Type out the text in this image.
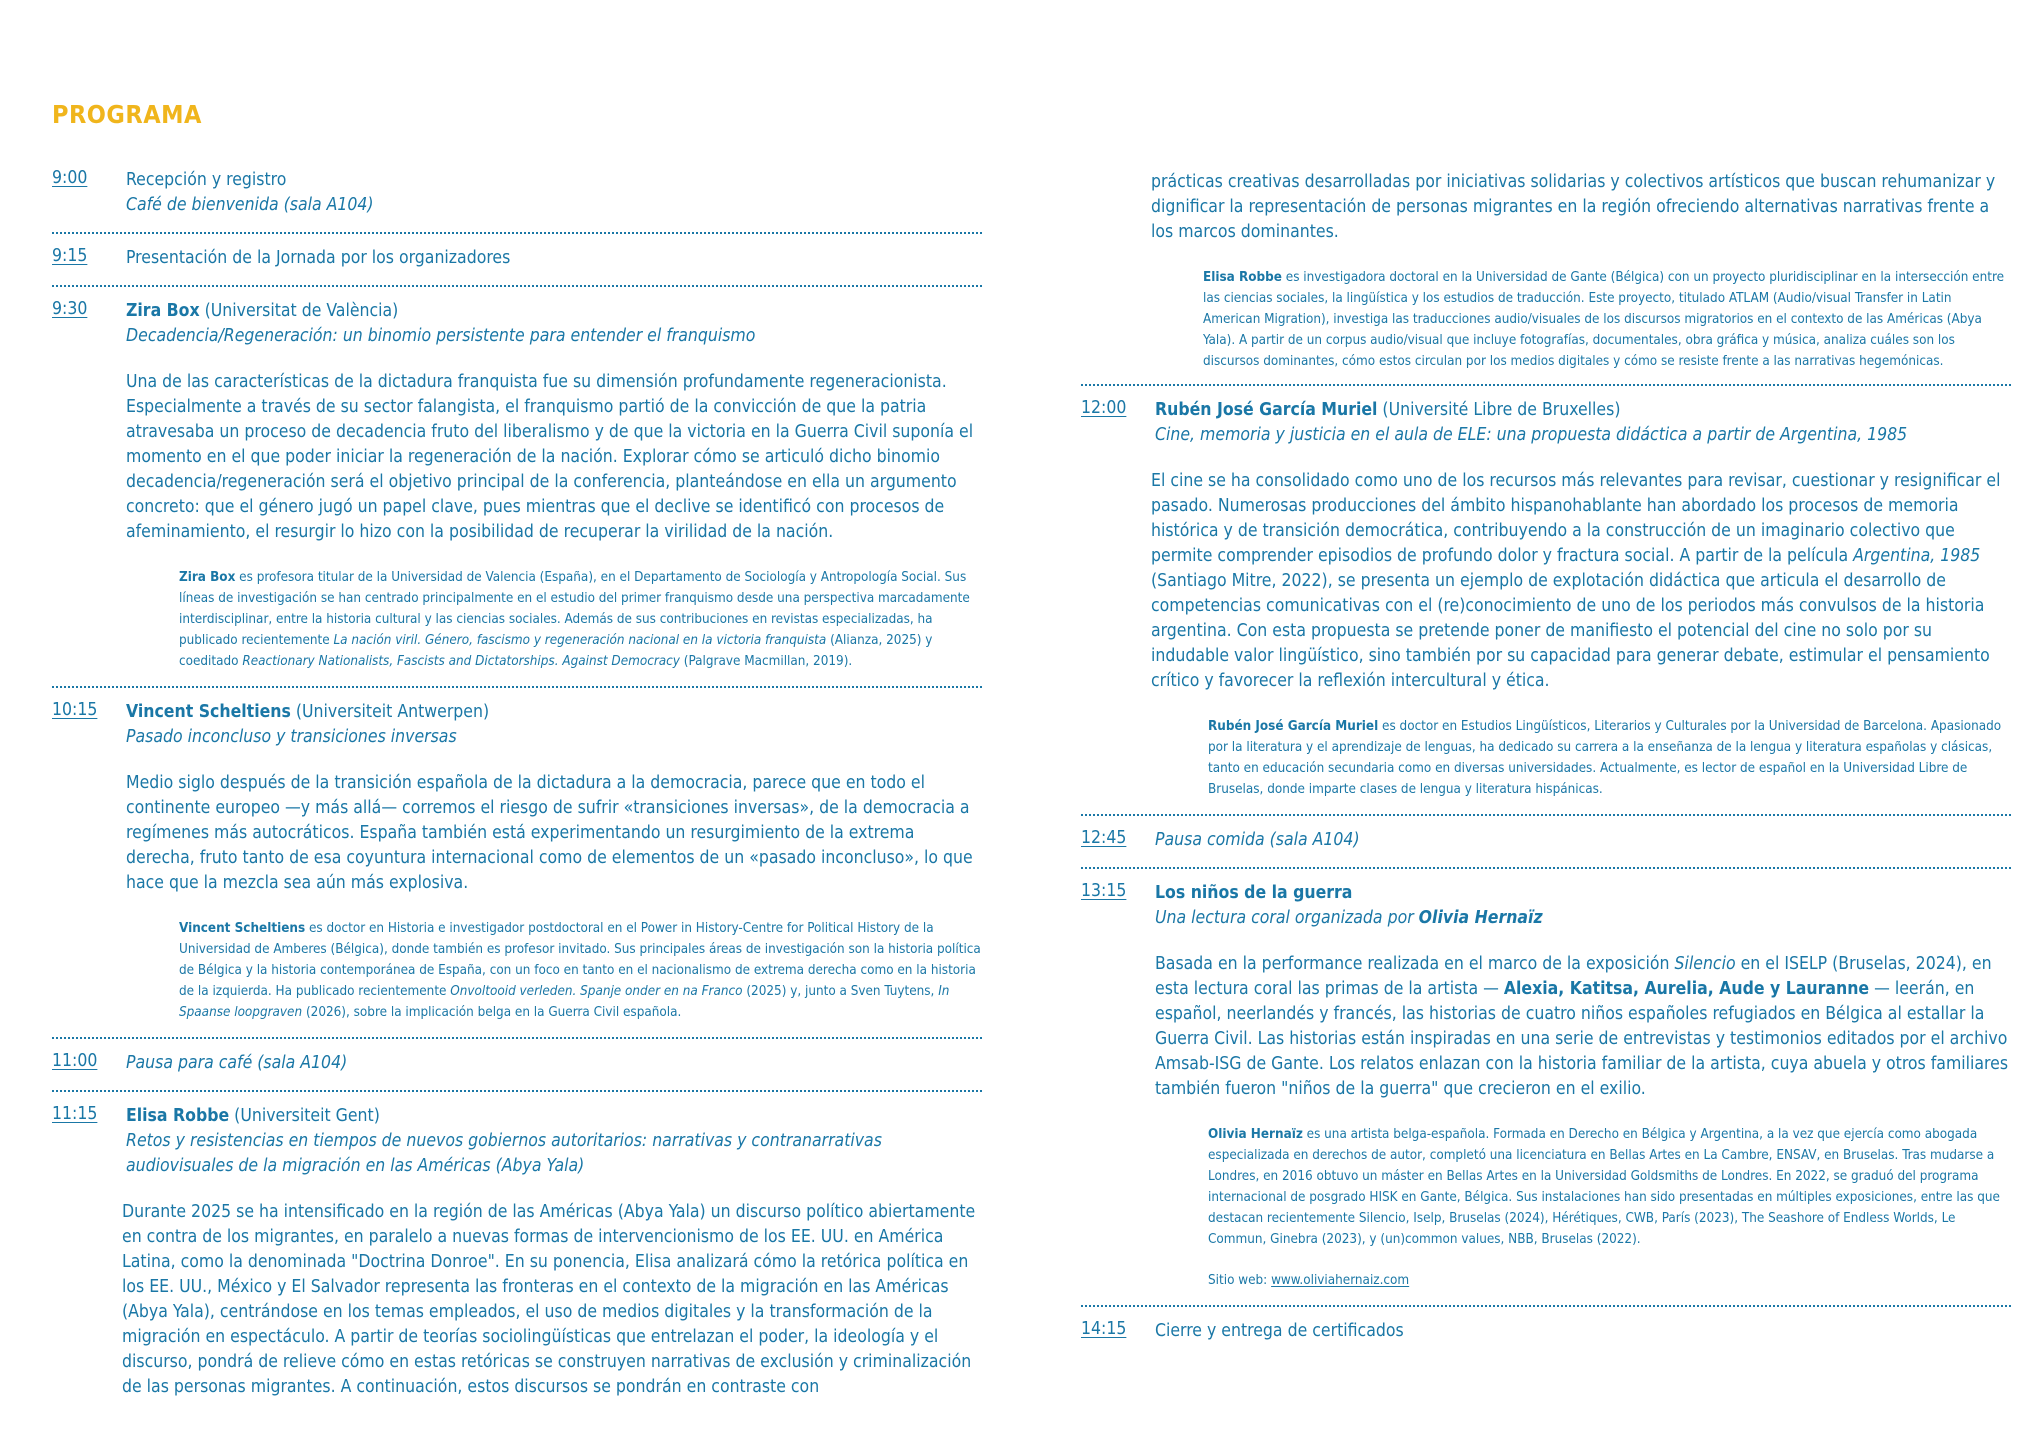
PROGRAMA
9:00 Recepción y registro
Café de bienvenida (sala A104)
9:15 Presentación de la Jornada por los organizadores
9:30 Zira Box (Universitat de València)
Decadencia/Regeneración: un binomio persistente para entender el franquismo
Una de las características de la dictadura franquista fue su dimensión profundamente regeneracionista. Especialmente a través de su sector falangista, el franquismo partió de la convicción de que la patria atravesaba un proceso de decadencia fruto del liberalismo y de que la victoria en la Guerra Civil suponía el momento en el que poder iniciar la regeneración de la nación. Explorar cómo se articuló dicho binomio decadencia/regeneración será el objetivo principal de la conferencia, planteándose en ella un argumento concreto: que el género jugó un papel clave, pues mientras que el declive se identificó con procesos de afeminamiento, el resurgir lo hizo con la posibilidad de recuperar la virilidad de la nación.
Zira Box es profesora titular de la Universidad de Valencia (España), en el Departamento de Sociología y Antropología Social. Sus líneas de investigación se han centrado principalmente en el estudio del primer franquismo desde una perspectiva marcadamente interdisciplinar, entre la historia cultural y las ciencias sociales. Además de sus contribuciones en revistas especializadas, ha publicado recientemente La nación viril. Género, fascismo y regeneración nacional en la victoria franquista (Alianza, 2025) y coeditado Reactionary Nationalists, Fascists and Dictatorships. Against Democracy (Palgrave Macmillan, 2019).
10:15 Vincent Scheltiens (Universiteit Antwerpen)
Pasado inconcluso y transiciones inversas
Medio siglo después de la transición española de la dictadura a la democracia, parece que en todo el continente europeo —y más allá— corremos el riesgo de sufrir «transiciones inversas», de la democracia a regímenes más autocráticos. España también está experimentando un resurgimiento de la extrema derecha, fruto tanto de esa coyuntura internacional como de elementos de un «pasado inconcluso», lo que hace que la mezcla sea aún más explosiva.
Vincent Scheltiens es doctor en Historia e investigador postdoctoral en el Power in History-Centre for Political History de la Universidad de Amberes (Bélgica), donde también es profesor invitado. Sus principales áreas de investigación son la historia política de Bélgica y la historia contemporánea de España, con un foco en tanto en el nacionalismo de extrema derecha como en la historia de la izquierda. Ha publicado recientemente Onvoltooid verleden. Spanje onder en na Franco (2025) y, junto a Sven Tuytens, In Spaanse loopgraven (2026), sobre la implicación belga en la Guerra Civil española.
11:00 Pausa para café (sala A104)
11:15 Elisa Robbe (Universiteit Gent)
Retos y resistencias en tiempos de nuevos gobiernos autoritarios: narrativas y contranarrativas audiovisuales de la migración en las Américas (Abya Yala)
Durante 2025 se ha intensificado en la región de las Américas (Abya Yala) un discurso político abiertamente en contra de los migrantes, en paralelo a nuevas formas de intervencionismo de los EE. UU. en América Latina, como la denominada "Doctrina Donroe". En su ponencia, Elisa analizará cómo la retórica política en los EE. UU., México y El Salvador representa las fronteras en el contexto de la migración en las Américas (Abya Yala), centrándose en los temas empleados, el uso de medios digitales y la transformación de la migración en espectáculo. A partir de teorías sociolingüísticas que entrelazan el poder, la ideología y el discurso, pondrá de relieve cómo en estas retóricas se construyen narrativas de exclusión y criminalización de las personas migrantes. A continuación, estos discursos se pondrán en contraste con
prácticas creativas desarrolladas por iniciativas solidarias y colectivos artísticos que buscan rehumanizar y dignificar la representación de personas migrantes en la región ofreciendo alternativas narrativas frente a los marcos dominantes.
Elisa Robbe es investigadora doctoral en la Universidad de Gante (Bélgica) con un proyecto pluridisciplinar en la intersección entre las ciencias sociales, la lingüística y los estudios de traducción. Este proyecto, titulado ATLAM (Audio/visual Transfer in Latin American Migration), investiga las traducciones audio/visuales de los discursos migratorios en el contexto de las Américas (Abya Yala). A partir de un corpus audio/visual que incluye fotografías, documentales, obra gráfica y música, analiza cuáles son los discursos dominantes, cómo estos circulan por los medios digitales y cómo se resiste frente a las narrativas hegemónicas.
12:00 Rubén José García Muriel (Université Libre de Bruxelles)
Cine, memoria y justicia en el aula de ELE: una propuesta didáctica a partir de Argentina, 1985
El cine se ha consolidado como uno de los recursos más relevantes para revisar, cuestionar y resignificar el pasado. Numerosas producciones del ámbito hispanohablante han abordado los procesos de memoria histórica y de transición democrática, contribuyendo a la construcción de un imaginario colectivo que permite comprender episodios de profundo dolor y fractura social. A partir de la película Argentina, 1985 (Santiago Mitre, 2022), se presenta un ejemplo de explotación didáctica que articula el desarrollo de competencias comunicativas con el (re)conocimiento de uno de los periodos más convulsos de la historia argentina. Con esta propuesta se pretende poner de manifiesto el potencial del cine no solo por su indudable valor lingüístico, sino también por su capacidad para generar debate, estimular el pensamiento crítico y favorecer la reflexión intercultural y ética.
Rubén José García Muriel es doctor en Estudios Lingüísticos, Literarios y Culturales por la Universidad de Barcelona. Apasionado por la literatura y el aprendizaje de lenguas, ha dedicado su carrera a la enseñanza de la lengua y literatura españolas y clásicas, tanto en educación secundaria como en diversas universidades. Actualmente, es lector de español en la Universidad Libre de Bruselas, donde imparte clases de lengua y literatura hispánicas.
12:45 Pausa comida (sala A104)
13:15 Los niños de la guerra
Una lectura coral organizada por Olivia Hernaïz
Basada en la performance realizada en el marco de la exposición Silencio en el ISELP (Bruselas, 2024), en esta lectura coral las primas de la artista — Alexia, Katitsa, Aurelia, Aude y Lauranne — leerán, en español, neerlandés y francés, las historias de cuatro niños españoles refugiados en Bélgica al estallar la Guerra Civil. Las historias están inspiradas en una serie de entrevistas y testimonios editados por el archivo Amsab-ISG de Gante. Los relatos enlazan con la historia familiar de la artista, cuya abuela y otros familiares también fueron "niños de la guerra" que crecieron en el exilio.
Olivia Hernaïz es una artista belga-española. Formada en Derecho en Bélgica y Argentina, a la vez que ejercía como abogada especializada en derechos de autor, completó una licenciatura en Bellas Artes en La Cambre, ENSAV, en Bruselas. Tras mudarse a Londres, en 2016 obtuvo un máster en Bellas Artes en la Universidad Goldsmiths de Londres. En 2022, se graduó del programa internacional de posgrado HISK en Gante, Bélgica. Sus instalaciones han sido presentadas en múltiples exposiciones, entre las que destacan recientemente Silencio, Iselp, Bruselas (2024), Hérétiques, CWB, París (2023), The Seashore of Endless Worlds, Le Commun, Ginebra (2023), y (un)common values, NBB, Bruselas (2022).
Sitio web: www.oliviahernaiz.com
14:15 Cierre y entrega de certificados
